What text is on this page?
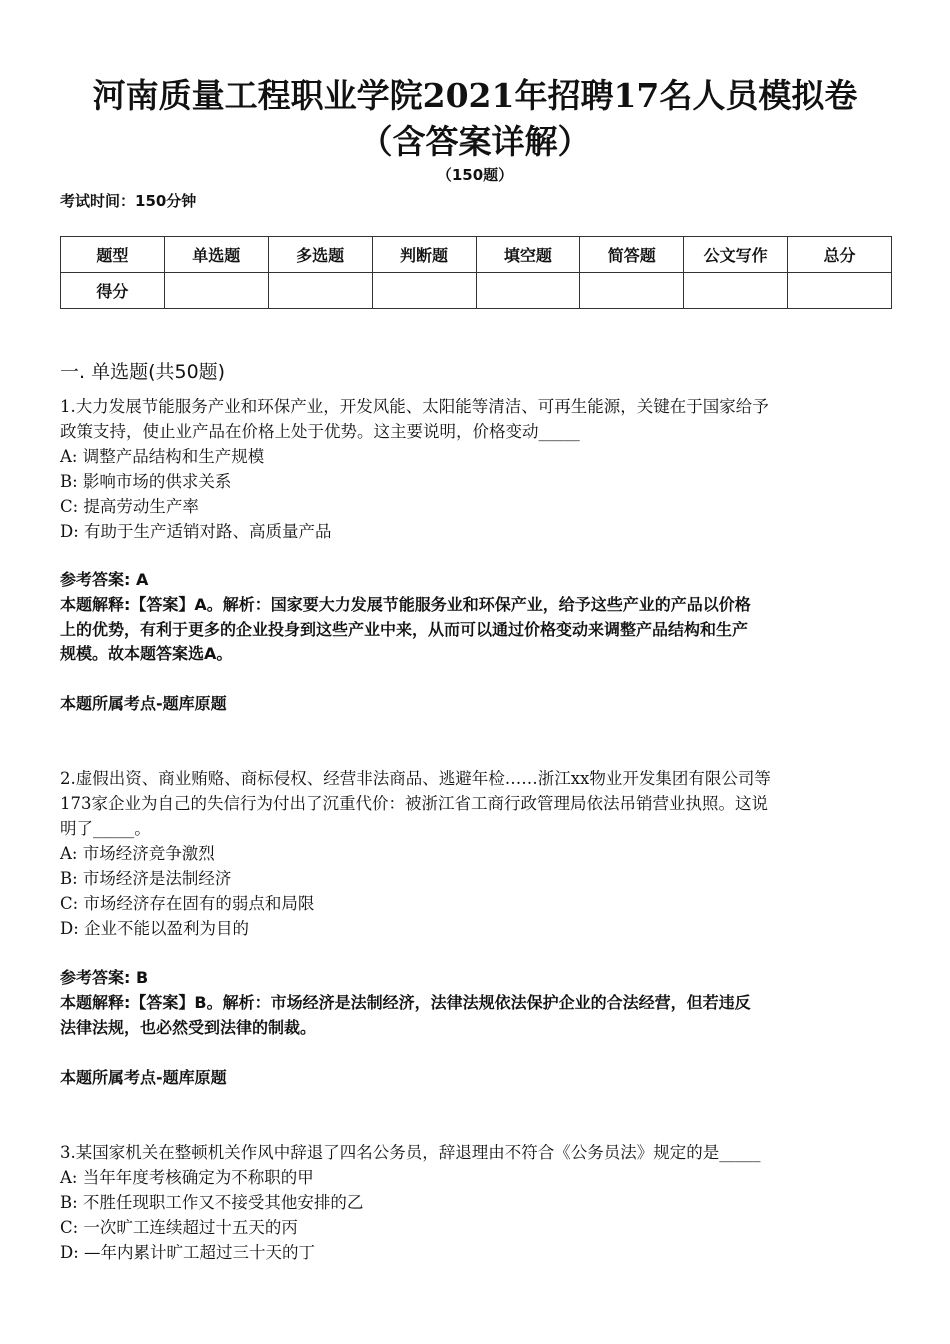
河南质量工程职业学院2021年招聘17名人员模拟卷
（含答案详解）
（150题）
考试时间：150分钟
题型	单选题	多选题	判断题	填空题	简答题	公文写作	总分
得分							
一. 单选题(共50题)

1.大力发展节能服务产业和环保产业，开发风能、太阳能等清洁、可再生能源，关键在于国家给予

政策支持，使止业产品在价格上处于优势。这主要说明，价格变动_____

A: 调整产品结构和生产规模

B: 影响市场的供求关系

C: 提高劳动生产率

D: 有助于生产适销对路、高质量产品

参考答案: A
本题解释:【答案】A。解析：国家要大力发展节能服务业和环保产业，给予这些产业的产品以价格
上的优势，有利于更多的企业投身到这些产业中来，从而可以通过价格变动来调整产品结构和生产
规模。故本题答案选A。
本题所属考点-题库原题

2.虚假出资、商业贿赂、商标侵权、经营非法商品、逃避年检……浙江xx物业开发集团有限公司等

173家企业为自己的失信行为付出了沉重代价：被浙江省工商行政管理局依法吊销营业执照。这说

明了_____。

A: 市场经济竞争激烈

B: 市场经济是法制经济

C: 市场经济存在固有的弱点和局限

D: 企业不能以盈利为目的

参考答案: B
本题解释:【答案】B。解析：市场经济是法制经济，法律法规依法保护企业的合法经营，但若违反
法律法规，也必然受到法律的制裁。
本题所属考点-题库原题

3.某国家机关在整顿机关作风中辞退了四名公务员，辞退理由不符合《公务员法》规定的是_____

A: 当年年度考核确定为不称职的甲

B: 不胜任现职工作又不接受其他安排的乙

C: 一次旷工连续超过十五天的丙

D: —年内累计旷工超过三十天的丁
